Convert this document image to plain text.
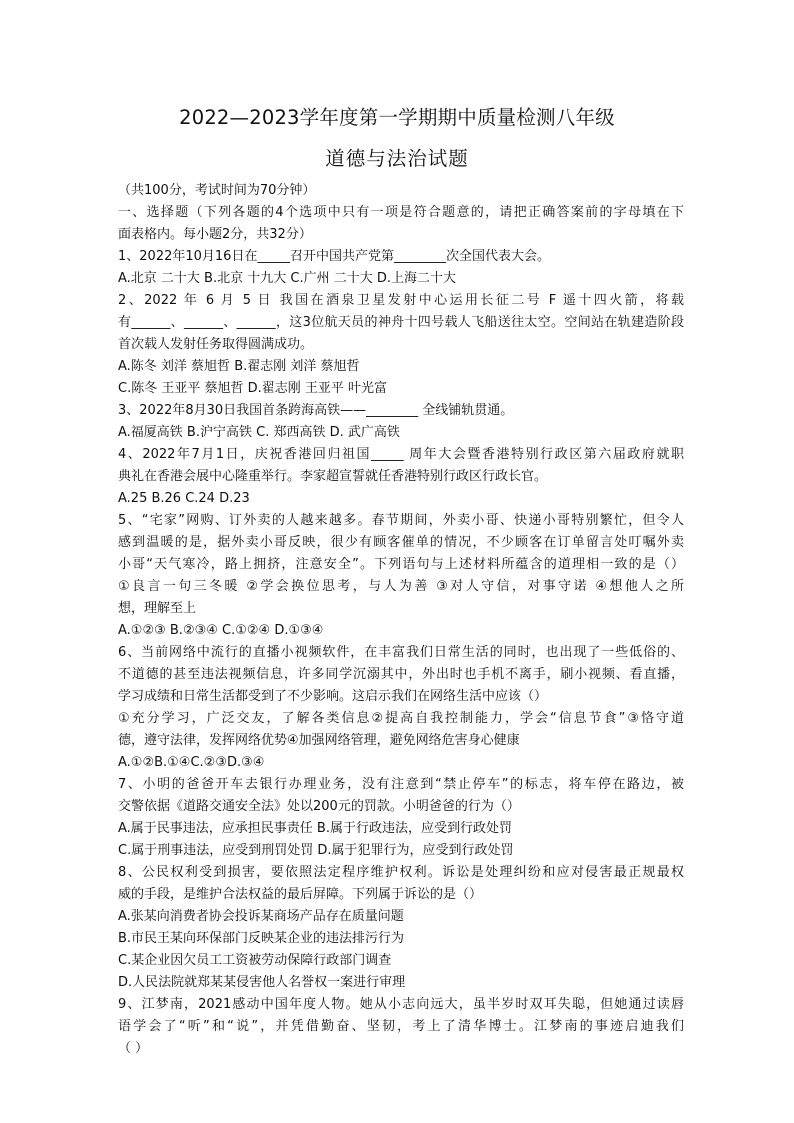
2022—2023学年度第一学期期中质量检测八年级
道德与法治试题
（共100分，考试时间为70分钟）
一、选择题（下列各题的4个选项中只有一项是符合题意的，请把正确答案前的字母填在下
面表格内。每小题2分，共32分）
1、2022年10月16日在_____召开中国共产党第________次全国代表大会。
A.北京 二十大 B.北京 十九大 C.广州 二十大 D.上海二十大
2、2022 年 6 月 5 日 我国在酒泉卫星发射中心运用长征二号 F 遥十四火箭，将载
有______、______、______，这3位航天员的神舟十四号载人飞船送往太空。空间站在轨建造阶段
首次载人发射任务取得圆满成功。
A.陈冬 刘洋 蔡旭哲 B.翟志刚 刘洋 蔡旭哲
C.陈冬 王亚平 蔡旭哲 D.翟志刚 王亚平 叶光富
3、2022年8月30日我国首条跨海高铁——________ 全线铺轨贯通。
A.福厦高铁 B.沪宁高铁 C. 郑西高铁 D. 武广高铁
4、2022年7月1日，庆祝香港回归祖国_____ 周年大会暨香港特别行政区第六届政府就职
典礼在香港会展中心隆重举行。李家超宣誓就任香港特别行政区行政长官。
A.25 B.26 C.24 D.23
5、“宅家”网购、订外卖的人越来越多。春节期间，外卖小哥、快递小哥特别繁忙，但令人
感到温暖的是，据外卖小哥反映，很少有顾客催单的情况，不少顾客在订单留言处叮嘱外卖
小哥“天气寒冷，路上拥挤，注意安全”。下列语句与上述材料所蕴含的道理相一致的是（）
①良言一句三冬暖 ②学会换位思考，与人为善 ③对人守信，对事守诺 ④想他人之所
想，理解至上
A.①②③ B.②③④ C.①②④ D.①③④
6、当前网络中流行的直播小视频软件，在丰富我们日常生活的同时，也出现了一些低俗的、
不道德的甚至违法视频信息，许多同学沉溺其中，外出时也手机不离手，刷小视频、看直播，
学习成绩和日常生活都受到了不少影响。这启示我们在网络生活中应该（）
①充分学习，广泛交友，了解各类信息②提高自我控制能力，学会“信息节食”③恪守道
德，遵守法律，发挥网络优势④加强网络管理，避免网络危害身心健康
A.①②B.①④C.②③D.③④
7、小明的爸爸开车去银行办理业务，没有注意到“禁止停车”的标志，将车停在路边，被
交警依据《道路交通安全法》处以200元的罚款。小明爸爸的行为（）
A.属于民事违法，应承担民事责任 B.属于行政违法，应受到行政处罚
C.属于刑事违法，应受到刑罚处罚 D.属于犯罪行为，应受到行政处罚
8、公民权利受到损害，要依照法定程序维护权利。诉讼是处理纠纷和应对侵害最正规最权
威的手段，是维护合法权益的最后屏障。下列属于诉讼的是（）
A.张某向消费者协会投诉某商场产品存在质量问题
B.市民王某向环保部门反映某企业的违法排污行为
C.某企业因欠员工工资被劳动保障行政部门调查
D.人民法院就郑某某侵害他人名誉权一案进行审理
9、江梦南，2021感动中国年度人物。她从小志向远大，虽半岁时双耳失聪，但她通过读唇
语学会了“听”和“说”，并凭借勤奋、坚韧，考上了清华博士。江梦南的事迹启迪我们
（ ）
